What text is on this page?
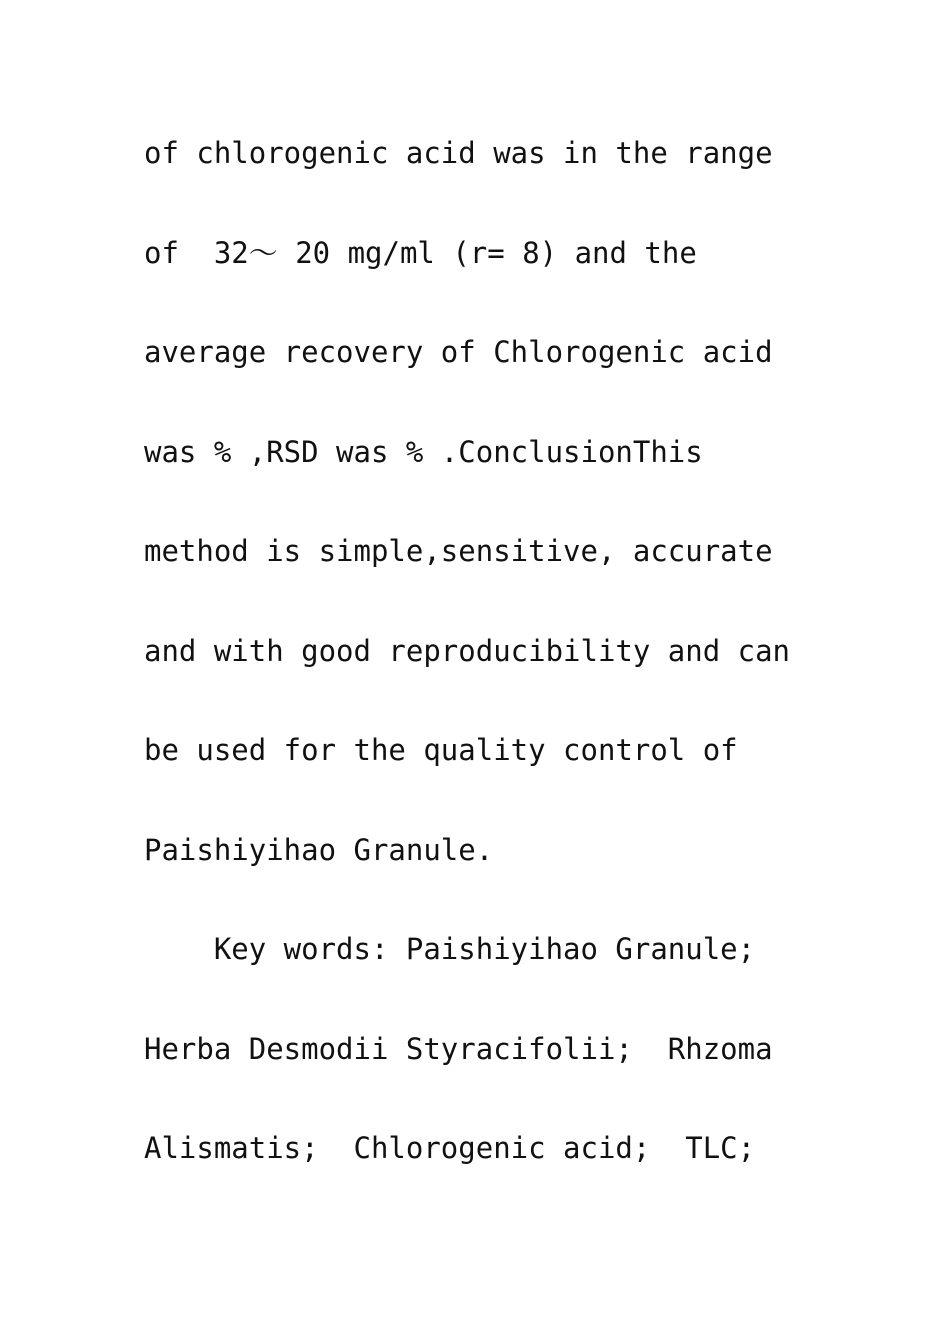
of chlorogenic acid was in the range
of  32～ 20 mg/ml (r= 8) and the
average recovery of Chlorogenic acid
was % ,RSD was % .ConclusionThis
method is simple,sensitive, accurate
and with good reproducibility and can
be used for the quality control of
Paishiyihao Granule.
Key words: Paishiyihao Granule;
Herba Desmodii Styracifolii;  Rhzoma
Alismatis;  Chlorogenic acid;  TLC;
